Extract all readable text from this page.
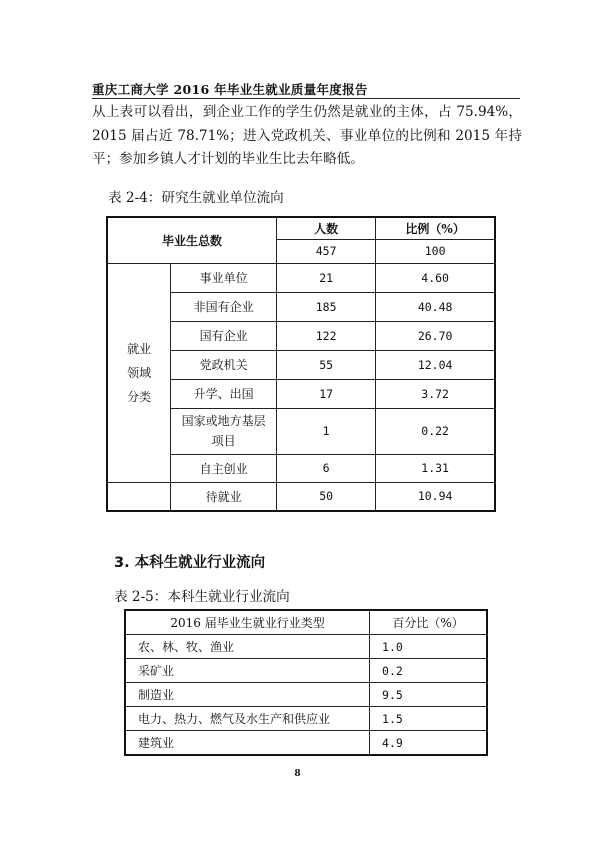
重庆工商大学 2016 年毕业生就业质量年度报告
从上表可以看出，到企业工作的学生仍然是就业的主体，占 75.94%，2015 届占近 78.71%；进入党政机关、事业单位的比例和 2015 年持平；参加乡镇人才计划的毕业生比去年略低。
表 2-4：研究生就业单位流向
毕业生总数		人数	比例（%）
		457	100
就业领域分类	事业单位	21	4.60
	非国有企业	185	40.48
	国有企业	122	26.70
	党政机关	55	12.04
	升学、出国	17	3.72
	国家或地方基层项目	1	0.22
	自主创业	6	1.31
	待就业	50	10.94
3. 本科生就业行业流向
表 2-5：本科生就业行业流向
2016 届毕业生就业行业类型	百分比（%）
农、林、牧、渔业	1.0
采矿业	0.2
制造业	9.5
电力、热力、燃气及水生产和供应业	1.5
建筑业	4.9
8
